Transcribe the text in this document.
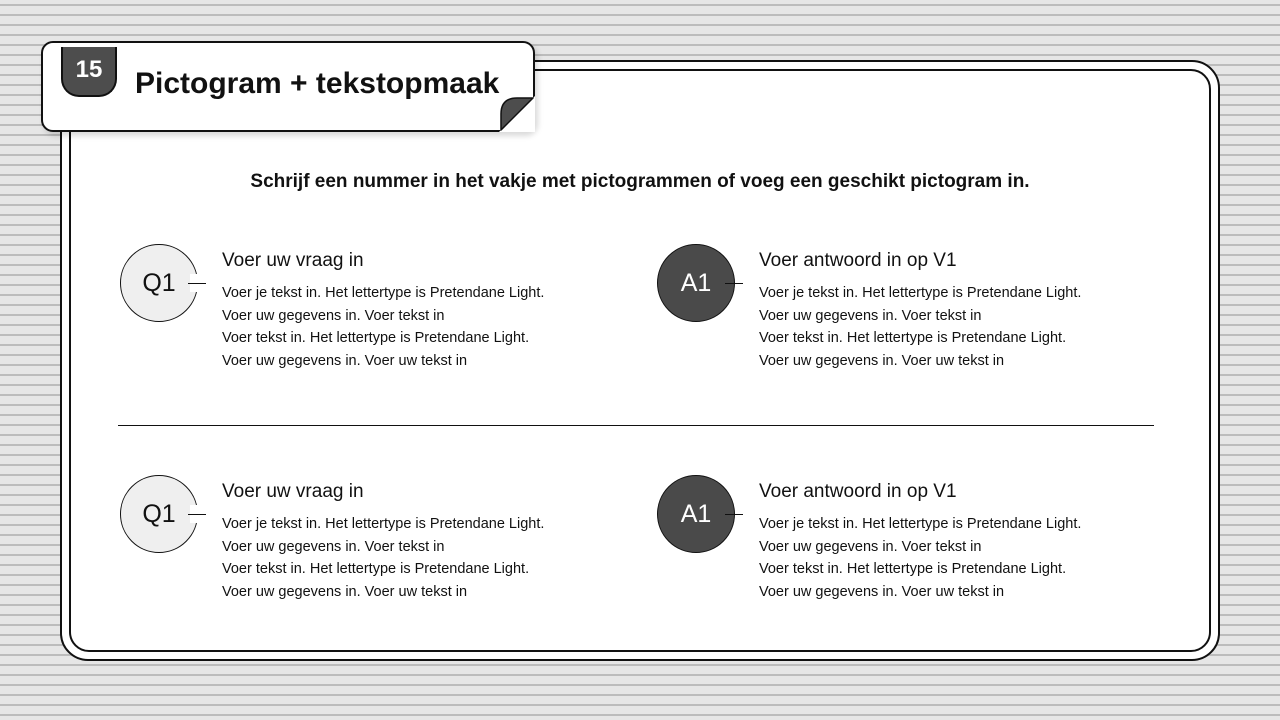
15 Pictogram + tekstopmaak
Schrijf een nummer in het vakje met pictogrammen of voeg een geschikt pictogram in.
Q1
Voer uw vraag in
Voer je tekst in. Het lettertype is Pretendane Light.
Voer uw gegevens in. Voer tekst in
Voer tekst in. Het lettertype is Pretendane Light.
Voer uw gegevens in. Voer uw tekst in
A1
Voer antwoord in op V1
Voer je tekst in. Het lettertype is Pretendane Light.
Voer uw gegevens in. Voer tekst in
Voer tekst in. Het lettertype is Pretendane Light.
Voer uw gegevens in. Voer uw tekst in
Q1
Voer uw vraag in
Voer je tekst in. Het lettertype is Pretendane Light.
Voer uw gegevens in. Voer tekst in
Voer tekst in. Het lettertype is Pretendane Light.
Voer uw gegevens in. Voer uw tekst in
A1
Voer antwoord in op V1
Voer je tekst in. Het lettertype is Pretendane Light.
Voer uw gegevens in. Voer tekst in
Voer tekst in. Het lettertype is Pretendane Light.
Voer uw gegevens in. Voer uw tekst in
